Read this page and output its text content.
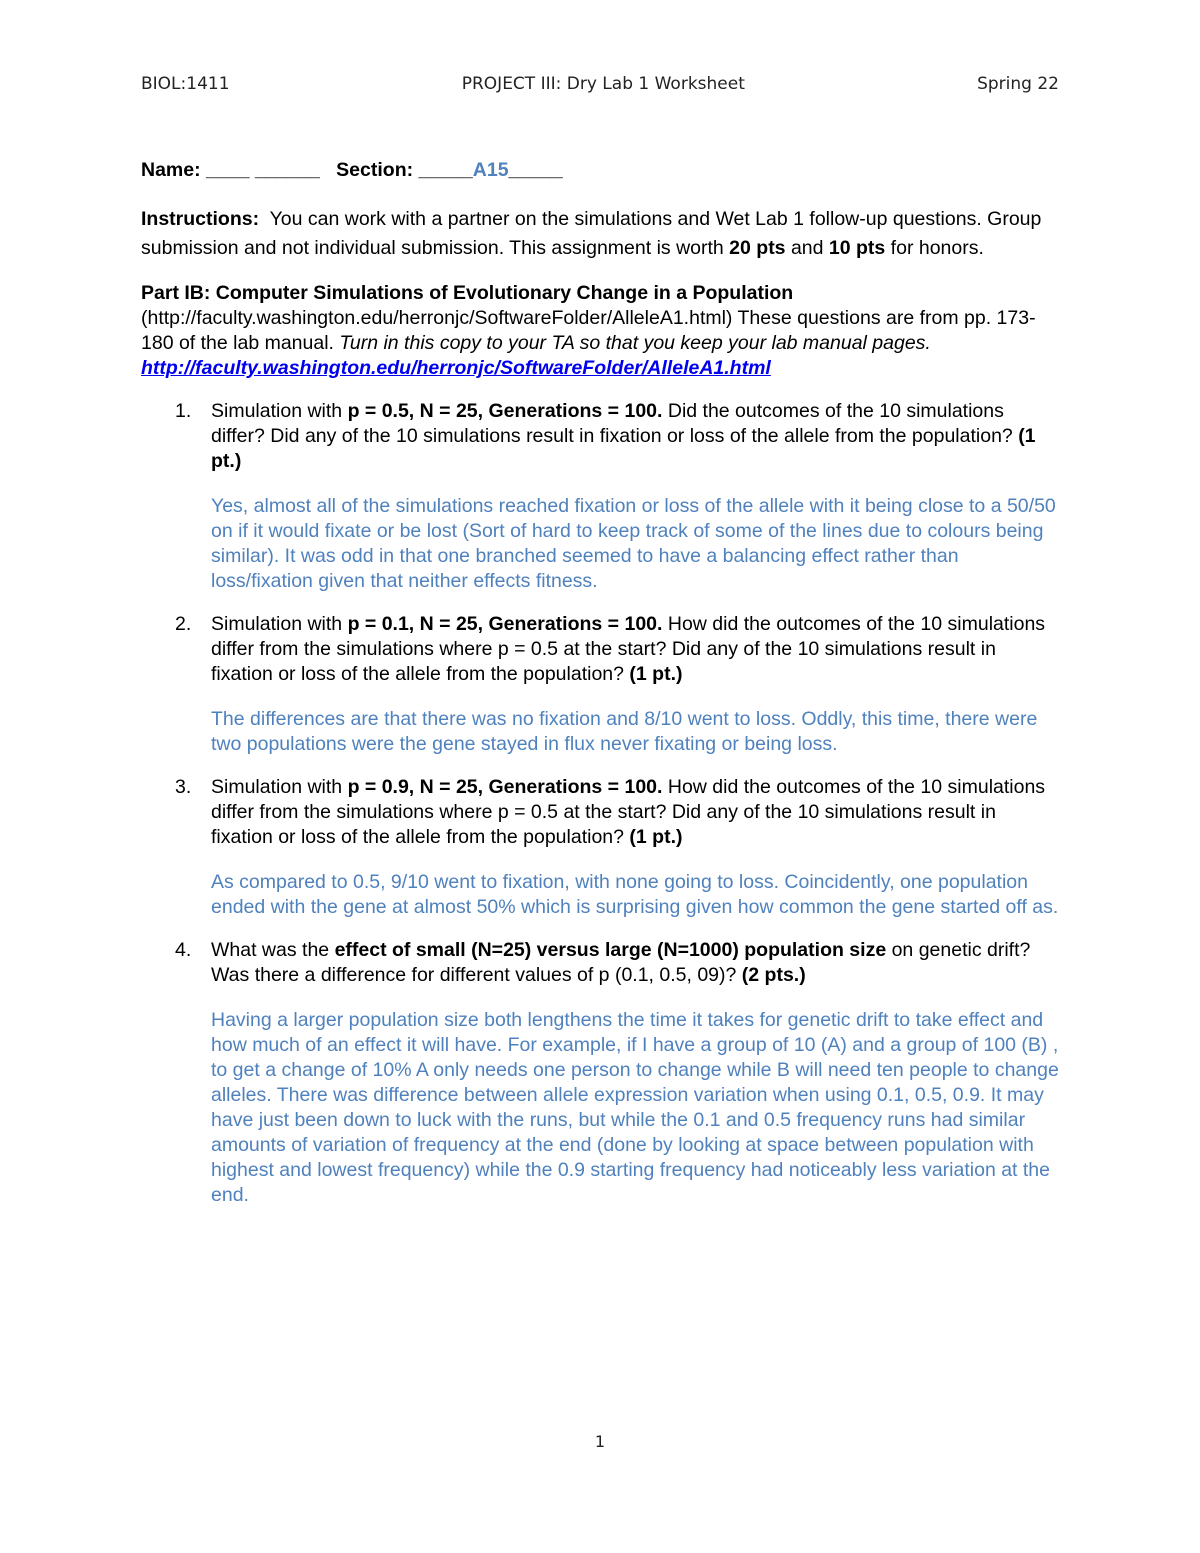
BIOL:1411	PROJECT III: Dry Lab 1 Worksheet	Spring 22

Name: ____ ______ Section: _____A15_____

Instructions: You can work with a partner on the simulations and Wet Lab 1 follow-up questions. Group submission and not individual submission. This assignment is worth 20 pts and 10 pts for honors.

Part IB: Computer Simulations of Evolutionary Change in a Population
(http://faculty.washington.edu/herronjc/SoftwareFolder/AlleleA1.html) These questions are from pp. 173-180 of the lab manual. Turn in this copy to your TA so that you keep your lab manual pages. http://faculty.washington.edu/herronjc/SoftwareFolder/AlleleA1.html

1.	Simulation with p = 0.5, N = 25, Generations = 100. Did the outcomes of the 10 simulations differ? Did any of the 10 simulations result in fixation or loss of the allele from the population? (1 pt.)

Yes, almost all of the simulations reached fixation or loss of the allele with it being close to a 50/50 on if it would fixate or be lost (Sort of hard to keep track of some of the lines due to colours being similar). It was odd in that one branched seemed to have a balancing effect rather than loss/fixation given that neither effects fitness.

2.	Simulation with p = 0.1, N = 25, Generations = 100. How did the outcomes of the 10 simulations differ from the simulations where p = 0.5 at the start? Did any of the 10 simulations result in fixation or loss of the allele from the population? (1 pt.)

The differences are that there was no fixation and 8/10 went to loss. Oddly, this time, there were two populations were the gene stayed in flux never fixating or being loss.

3.	Simulation with p = 0.9, N = 25, Generations = 100. How did the outcomes of the 10 simulations differ from the simulations where p = 0.5 at the start? Did any of the 10 simulations result in fixation or loss of the allele from the population? (1 pt.)

As compared to 0.5, 9/10 went to fixation, with none going to loss. Coincidently, one population ended with the gene at almost 50% which is surprising given how common the gene started off as.

4.	What was the effect of small (N=25) versus large (N=1000) population size on genetic drift? Was there a difference for different values of p (0.1, 0.5, 09)? (2 pts.)

Having a larger population size both lengthens the time it takes for genetic drift to take effect and how much of an effect it will have. For example, if I have a group of 10 (A) and a group of 100 (B) , to get a change of 10% A only needs one person to change while B will need ten people to change alleles. There was difference between allele expression variation when using 0.1, 0.5, 0.9. It may have just been down to luck with the runs, but while the 0.1 and 0.5 frequency runs had similar amounts of variation of frequency at the end (done by looking at space between population with highest and lowest frequency) while the 0.9 starting frequency had noticeably less variation at the end.

1
